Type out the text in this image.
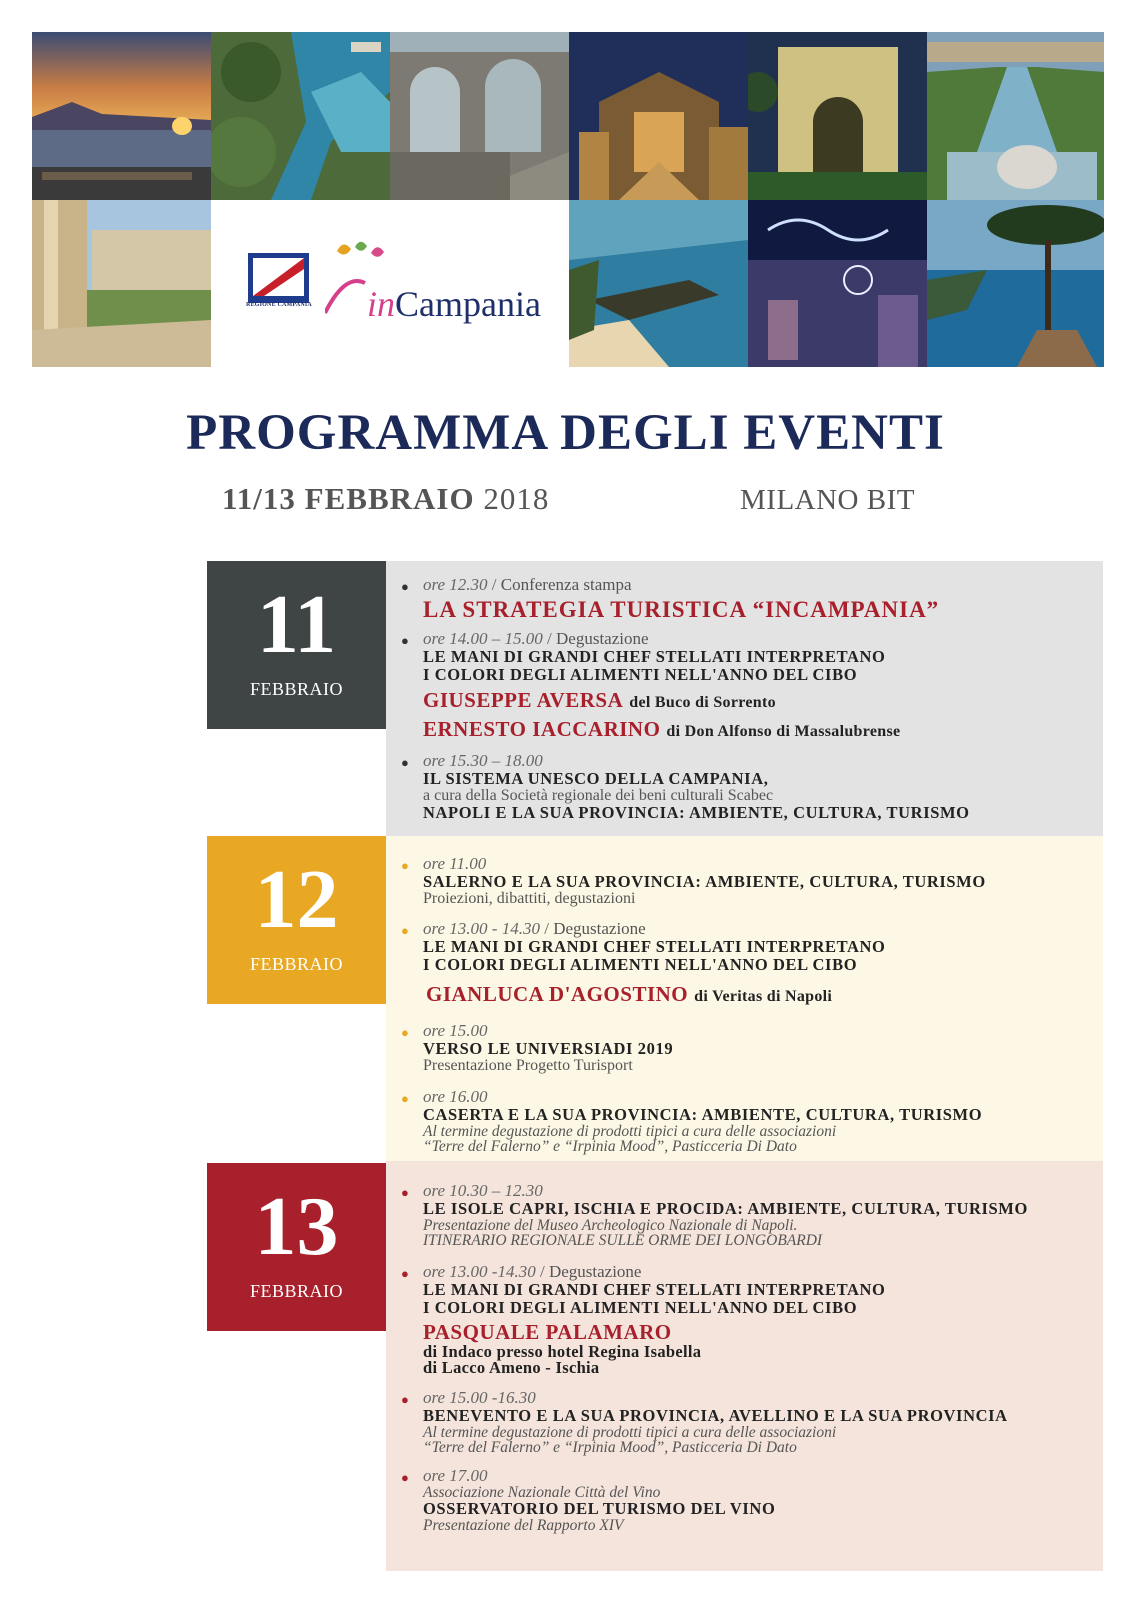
REGIONE CAMPANIA inCampania
PROGRAMMA DEGLI EVENTI
11/13 FEBBRAIO 2018	MILANO BIT
11
FEBBRAIO
12
FEBBRAIO
13
FEBBRAIO
● ore 12.30 / Conferenza stampa
LA STRATEGIA TURISTICA “INCAMPANIA”
● ore 14.00 – 15.00 / Degustazione
LE MANI DI GRANDI CHEF STELLATI INTERPRETANO
I COLORI DEGLI ALIMENTI NELL'ANNO DEL CIBO
GIUSEPPE AVERSA del Buco di Sorrento
ERNESTO IACCARINO di Don Alfonso di Massalubrense
● ore 15.30 – 18.00
IL SISTEMA UNESCO DELLA CAMPANIA,
a cura della Società regionale dei beni culturali Scabec
NAPOLI E LA SUA PROVINCIA: AMBIENTE, CULTURA, TURISMO
● ore 11.00
SALERNO E LA SUA PROVINCIA: AMBIENTE, CULTURA, TURISMO
Proiezioni, dibattiti, degustazioni
● ore 13.00 - 14.30 / Degustazione
LE MANI DI GRANDI CHEF STELLATI INTERPRETANO
I COLORI DEGLI ALIMENTI NELL'ANNO DEL CIBO
GIANLUCA D'AGOSTINO di Veritas di Napoli
● ore 15.00
VERSO LE UNIVERSIADI 2019
Presentazione Progetto Turisport
● ore 16.00
CASERTA E LA SUA PROVINCIA: AMBIENTE, CULTURA, TURISMO
Al termine degustazione di prodotti tipici a cura delle associazioni
“Terre del Falerno” e “Irpinia Mood”, Pasticceria Di Dato
● ore 10.30 – 12.30
LE ISOLE CAPRI, ISCHIA E PROCIDA: AMBIENTE, CULTURA, TURISMO
Presentazione del Museo Archeologico Nazionale di Napoli.
ITINERARIO REGIONALE SULLE ORME DEI LONGOBARDI
● ore 13.00 -14.30 / Degustazione
LE MANI DI GRANDI CHEF STELLATI INTERPRETANO
I COLORI DEGLI ALIMENTI NELL'ANNO DEL CIBO
PASQUALE PALAMARO
di Indaco presso hotel Regina Isabella
di Lacco Ameno - Ischia
● ore 15.00 -16.30
BENEVENTO E LA SUA PROVINCIA, AVELLINO E LA SUA PROVINCIA
Al termine degustazione di prodotti tipici a cura delle associazioni
“Terre del Falerno” e “Irpinia Mood”, Pasticceria Di Dato
● ore 17.00
Associazione Nazionale Città del Vino
OSSERVATORIO DEL TURISMO DEL VINO
Presentazione del Rapporto XIV
